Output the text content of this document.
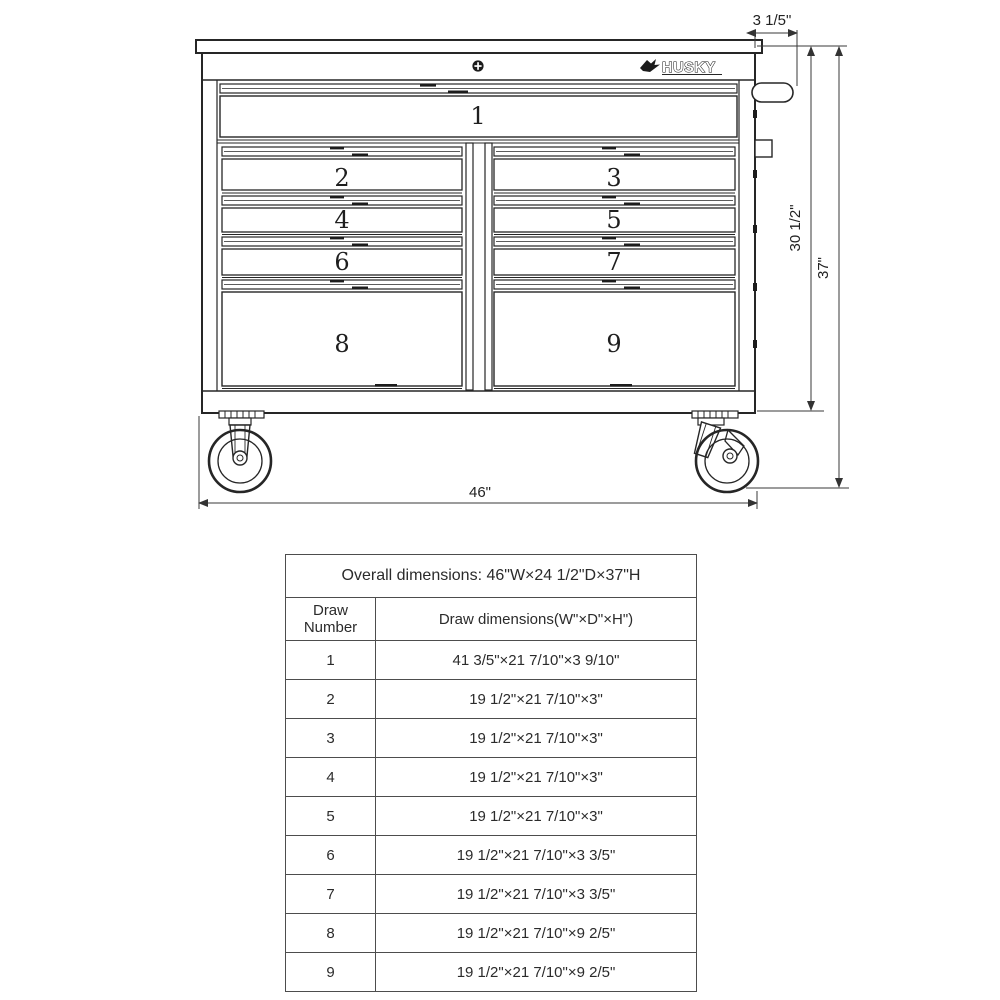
HUSKY
1
2	3
4	5
6	7
8	9
3 1/5"
30 1/2"
37"
46"
Overall dimensions: 46"W×24 1/2"D×37"H	
Draw Number	Draw dimensions(W"×D"×H")
1	41 3/5"×21 7/10"×3 9/10"
2	19 1/2"×21 7/10"×3"
3	19 1/2"×21 7/10"×3"
4	19 1/2"×21 7/10"×3"
5	19 1/2"×21 7/10"×3"
6	19 1/2"×21 7/10"×3 3/5"
7	19 1/2"×21 7/10"×3 3/5"
8	19 1/2"×21 7/10"×9 2/5"
9	19 1/2"×21 7/10"×9 2/5"
